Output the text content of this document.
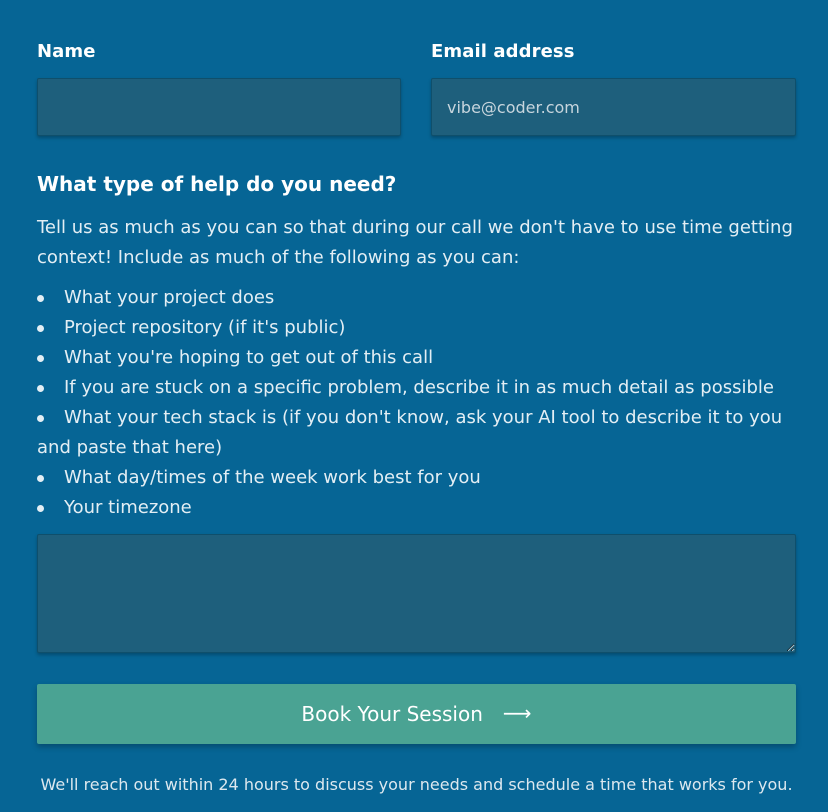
Name	Email address
vibe@coder.com
What type of help do you need?
Tell us as much as you can so that during our call we don't have to use time getting context! Include as much of the following as you can:
What your project does
Project repository (if it's public)
What you're hoping to get out of this call
If you are stuck on a specific problem, describe it in as much detail as possible
What your tech stack is (if you don't know, ask your AI tool to describe it to you and paste that here)
What day/times of the week work best for you
Your timezone
Book Your Session ⟶
We'll reach out within 24 hours to discuss your needs and schedule a time that works for you.
